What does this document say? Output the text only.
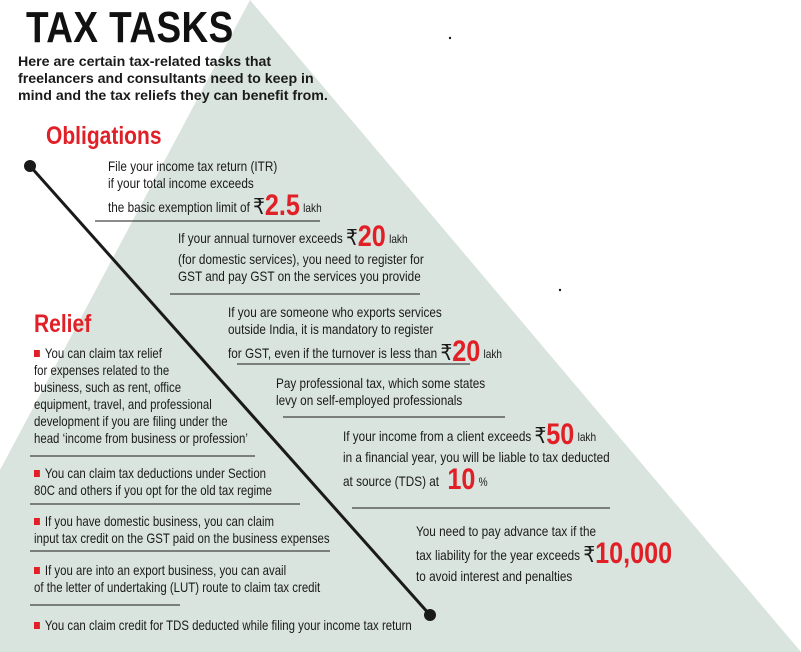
TAX TASKS
Here are certain tax-related tasks that freelancers and consultants need to keep in mind and the tax reliefs they can benefit from.
Obligations
Relief
File your income tax return (ITR)
if your total income exceeds
the basic exemption limit of ₹2.5 lakh
If your annual turnover exceeds ₹20 lakh
(for domestic services), you need to register for
GST and pay GST on the services you provide
If you are someone who exports services
outside India, it is mandatory to register
for GST, even if the turnover is less than ₹20 lakh
Pay professional tax, which some states
levy on self-employed professionals
If your income from a client exceeds ₹50 lakh
in a financial year, you will be liable to tax deducted
at source (TDS) at 10 %
You need to pay advance tax if the
tax liability for the year exceeds ₹10,000
to avoid interest and penalties
You can claim tax relief
for expenses related to the
business, such as rent, office
equipment, travel, and professional
development if you are filing under the
head ‘income from business or profession’
You can claim tax deductions under Section
80C and others if you opt for the old tax regime
If you have domestic business, you can claim
input tax credit on the GST paid on the business expenses
If you are into an export business, you can avail
of the letter of undertaking (LUT) route to claim tax credit
You can claim credit for TDS deducted while filing your income tax return
